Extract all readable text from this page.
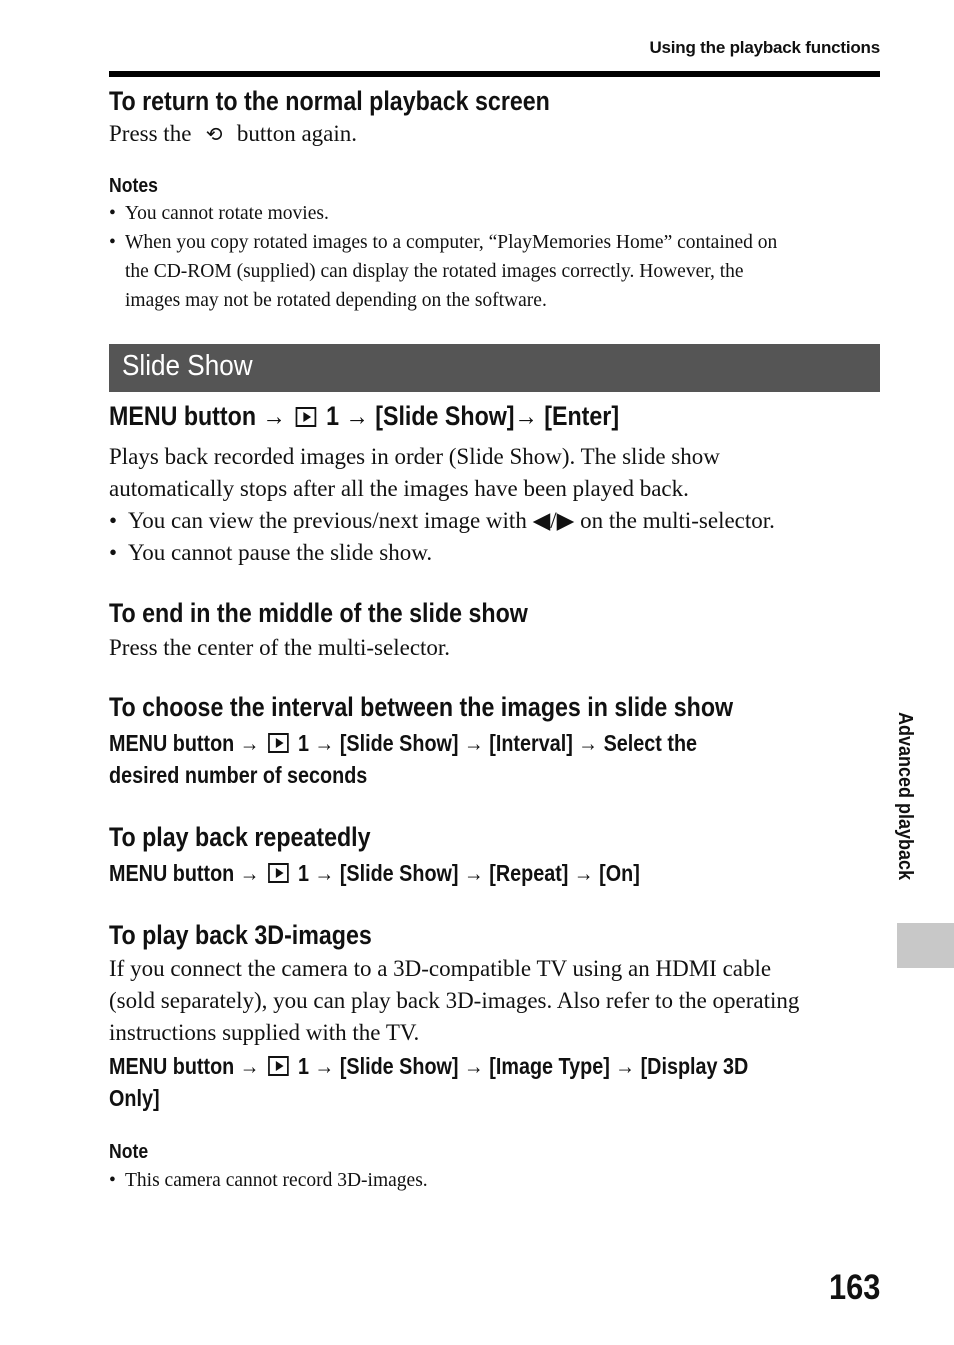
Using the playback functions
To return to the normal playback screen
Press the ⟲ button again.
Notes
• You cannot rotate movies.
• When you copy rotated images to a computer, “PlayMemories Home” contained on
the CD-ROM (supplied) can display the rotated images correctly. However, the
images may not be rotated depending on the software.
Slide Show
MENU button → 1 → [Slide Show]→ [Enter]
Plays back recorded images in order (Slide Show). The slide show
automatically stops after all the images have been played back.
• You can view the previous/next image with ◀/▶ on the multi-selector.
• You cannot pause the slide show.
To end in the middle of the slide show
Press the center of the multi-selector.
To choose the interval between the images in slide show
MENU button → 1 → [Slide Show] → [Interval] → Select the
desired number of seconds
To play back repeatedly
MENU button → 1 → [Slide Show] → [Repeat] → [On]
To play back 3D-images
If you connect the camera to a 3D-compatible TV using an HDMI cable
(sold separately), you can play back 3D-images. Also refer to the operating
instructions supplied with the TV.
MENU button → 1 → [Slide Show] → [Image Type] → [Display 3D
Only]
Note
• This camera cannot record 3D-images.
Advanced playback
163
